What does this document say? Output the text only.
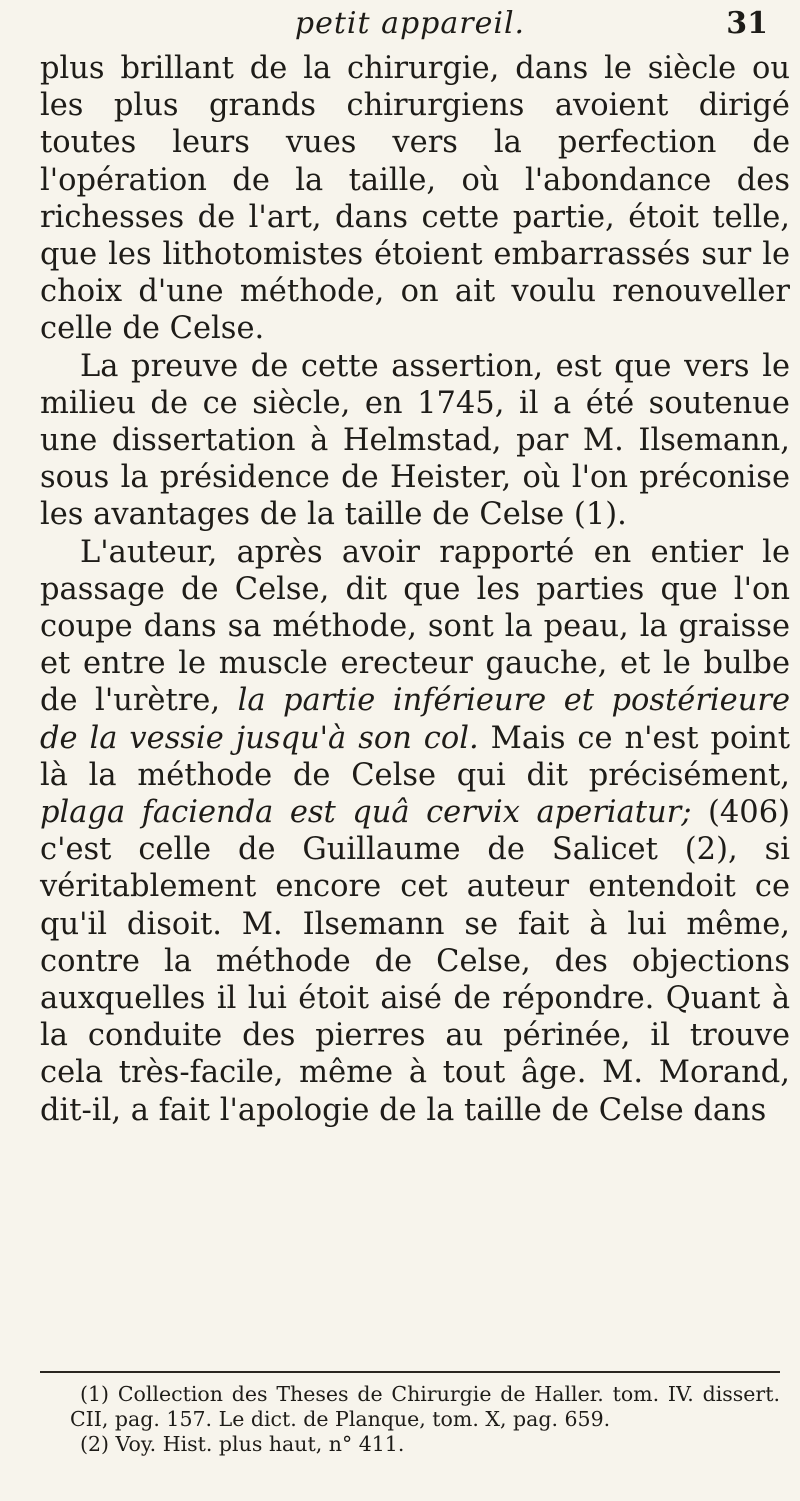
petit appareil.	31

plus brillant de la chirurgie, dans le siècle ou les plus grands chirurgiens avoient dirigé toutes leurs vues vers la perfection de l'opération de la taille, où l'abondance des richesses de l'art, dans cette partie, étoit telle, que les lithotomistes étoient embarrassés sur le choix d'une méthode, on ait voulu renouveller celle de Celse.

La preuve de cette assertion, est que vers le milieu de ce siècle, en 1745, il a été soutenue une dissertation à Helmstad, par M. Ilsemann, sous la présidence de Heister, où l'on préconise les avantages de la taille de Celse (1).

L'auteur, après avoir rapporté en entier le passage de Celse, dit que les parties que l'on coupe dans sa méthode, sont la peau, la graisse et entre le muscle erecteur gauche, et le bulbe de l'urètre, la partie inférieure et postérieure de la vessie jusqu'à son col. Mais ce n'est point là la méthode de Celse qui dit précisément, plaga facienda est quâ cervix aperiatur; (406) c'est celle de Guillaume de Salicet (2), si véritablement encore cet auteur entendoit ce qu'il disoit. M. Ilsemann se fait à lui même, contre la méthode de Celse, des objections auxquelles il lui étoit aisé de répondre. Quant à la conduite des pierres au périnée, il trouve cela très-facile, même à tout âge. M. Morand, dit-il, a fait l'apologie de la taille de Celse dans

(1) Collection des Theses de Chirurgie de Haller. tom. IV. dissert. CII, pag. 157. Le dict. de Planque, tom. X, pag. 659.

(2) Voy. Hist. plus haut, n° 411.
